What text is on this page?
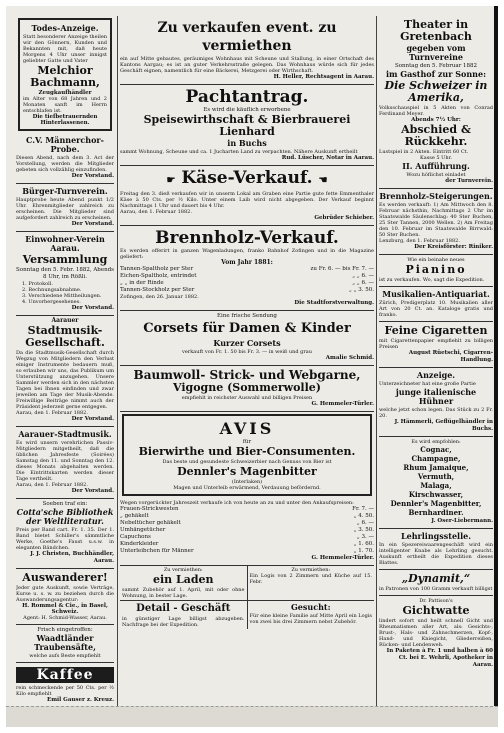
Todes-Anzeige.

Statt besonderer Anzeige theilen wir den Gönnern, Kunden und Bekannten mit, daß heute Morgens 4 Uhr unser innigst geliebter Gatte und Vater

Melchior Bachmann,
Zeugkaufhändler

im Alter von 68 Jahren und 2 Monaten sanft im Herrn entschlafen ist.

Die tiefbetrauernden Hinterlassenen.
C.V. Männerchor-Probe.

Diesen Abend, nach dem 3. Act der Vorstellung, werden die Mitglieder gebeten sich vollzählig einzufinden.

Der Vorstand.
Bürger-Turnverein.

Hauptprobe heute Abend punkt 1/2 Uhr. Ehrenmitglieder zahlreich zu erscheinen. Die Mitglieder sind aufgefordert zahlreich zu erscheinen.

Der Vorstand.
Einwohner-Verein Aarau.
Versammlung
Sonntag den 5. Febr. 1882, Abends 8 Uhr, im Rößli.
1. Protokoll.
2. Rechnungsabnahme.
3. Verschiedene Mittheilungen.
4. Unvorhergesehenes.
Der Vorstand.
Aarauer
Stadtmusik-Gesellschaft.

Da die Stadtmusik-Gesellschaft durch Wegzug von Mitgliedern den Verlust einiger Instrumente bedauern muß, so erlauben wir uns, das Publikum um Unterstützung anzugehen. Unsere Sammler werden sich in den nächsten Tagen bei Ihnen einfinden und zwar jeweilen am Tage der Musik-Abende. Freiwillige Beiträge nimmt auch der Präsident jederzeit gerne entgegen.

Aarau, den 1. Februar 1882.
Der Vorstand.
Aarauer-Stadtmusik.

Es wird unsern verehrlichen Passiv-Mitgliedern mitgetheilt, daß die üblichen Jahresfeste (Soirées) Samstag den 11. und Sonntag den 12. dieses Monats abgehalten werden. Die Eintrittskarten werden dieser Tage vertheilt.

Aarau, den 1. Februar 1882.
Der Vorstand.
Soeben traf ein:
Cotta'sche Bibliothek der Weltliteratur.

Preis per Band cart. Fr. 1. 35. Der 1. Band bietet Schiller's sämmtliche Werke, Goethe's Faust u.s.w. in eleganten Bändchen.

J. J. Christen, Buchhändler, Aarau.
Auswanderer!

Jeder gute Auskunft, sowie Verträge, Kurse u. s. w. zu beziehen durch die Auswanderungsagentur:

H. Rommel & Cie., in Basel, Schweiz.
Agent: H. Schmid-Wasser, Aarau.
Frisch eingetroffen:
Waadtländer Traubensäfte,
welche aufs Beste empfiehlt
Kaffee

rein schmeckende per 50 Cts. per ½ Kilo empfiehlt

Emil Gauser z. Kreuz.
Zu verkaufen event. zu vermiethen

ein auf Mitte gebautes, geräumiges Wohnhaus mit Scheune und Stallung, in einer Ortschaft des Kantons Aargau; es ist an guter Verkehrsstraße gelegen. Das Wohnhaus würde sich für jedes Geschäft eignen, namentlich für eine Bäckerei, Metzgerei oder Wirthschaft.

H. Heller, Rechtsagent in Aarau.
Pachtantrag.
Es wird die käuflich erworbene
Speisewirthschaft & Bierbrauerei Lienhard
in Buchs

sammt Wohnung, Scheune und ca. 1 Jucharten Land zu verpachten. Nähere Auskunft ertheilt

Rud. Lüscher, Notar in Aarau.
☛ Käse-Verkauf. ☚

Freitag den 3. dieß verkaufen wir in unserm Lokal am Graben eine Partie gute fette Emmenthaler Käse à 50 Cts. per ½ Kilo. Unter einem Laib wird nicht abgegeben. Der Verkauf beginnt Nachmittags 1 Uhr und dauert bis 4 Uhr.

Aarau, den 1. Februar 1882.
Gebrüder Schieber.
Brennholz-Verkauf.

Es werden offerirt in ganzen Wagenladungen, franko Bahnhof Zofingen und in die Magazine geliefert:

Vom Jahr 1881:
Tannen-Spaltholz per Ster	zu Fr. 6. — bis Fr. 7. —
Eichen-Spaltholz, entrindet	„ „ 6. —
„ „ in der Rinde	„ „ 6. —
Tannen-Stockholz per Ster	„ „ 3. 50.
Zofingen, den 26. Januar 1882.
Die Stadtforstverwaltung.
Eine frische Sendung
Corsets für Damen & Kinder
Kurzer Corsets
verkauft von Fr. 1. 50 bis Fr. 3. — in weiß und grau
Amalie Schmid.
Baumwoll- Strick- und Webgarne,
Vigogne (Sommerwolle)
empfiehlt in reichster Auswahl und billigen Preisen
G. Hemmeler-Türler.
AVIS
für
Bierwirthe und Bier-Consumenten.
Das beste und gesundeste Schweizerbier nach Genuss von Bier ist
Dennler's Magenbitter
(Interlaken)
Magen und Unterleib erwärmend, Verdauung befördernd.

Wegen vorgerückter Jahreszeit verkaufe ich von heute an zu und unter den Ankaufspreisen:

Frauen-Strickwesten	Fr. 7. —
„ gehäkelt	„ 4. 50.
Nebeltücher gehäkelt	„ 6. —
Umhängetücher	„ 3. 50.
Capuchons	„ 3. —
Kinderkleider	„ 1. 60.
Unterleibchen für Männer	„ 1. 70.
G. Hemmeler-Türler.
Zu vermiethen:
ein Laden

sammt Zubehör auf 1. April, mit oder ohne Wohnung, in bester Lage.

Zu vermiethen:

Ein Logis von 2 Zimmern und Küche auf 15. Febr.

Detail - Geschäft

in günstiger Lage billigst abzugeben. Nachfrage bei der Expedition.

Gesucht:

Für eine kleine Familie auf Mitte April ein Logis von zwei bis drei Zimmern nebst Zubehör.

Theater in Gretenbach
gegeben vom Turnvereine
Sonntag den 5. Februar 1882
im Gasthof zur Sonne:
Die Schweizer in Amerika,

Volksschauspiel in 5 Akten von Conrad Ferdinand Meyer.

Abends 7½ Uhr:
Abschied & Rückkehr.

Lustspiel in 2 Akten. Eintritt 60 Ct.

Kasse 5 Uhr.
II. Aufführung.
Wozu höflichst einladet
der Turnverein.
Brennholz-Steigerungen.

Es werden verkauft: 1) Am Mittwoch den 8. Februar nächsthin, Nachmittags 2 Uhr im Staatswalde Säulenschlag: 40 Ster Buchen, 25 Ster Tannen, 2000 Wellen. 2) Am Freitag den 10. Februar im Staatswalde Birrwald: 50 Ster Buchen.

Lenzburg, den 1. Februar 1882.
Der Kreisförster: Riniker.
Wie ein beinahe neues
Pianino

ist zu verkaufen. Wo, sagt die Expedition.

Musikalien-Antiquariat.

Zürich, Predigerplatz 10. Musikalien aller Art von 20 Ct. an. Kataloge gratis und franko.

Feine Cigaretten

mit Cigarettenpapier empfiehlt zu billigen Preisen

August Rüetschi, Cigarren-Handlung.
Anzeige.

Unterzeichneter hat eine große Partie

junge italienische Hühner

welche jetzt schon legen. Das Stück zu 2 Fr. 20.

J. Hämmerli, Geflügelhändler in Buchs.
Es wird empfohlen:
Cognac,
Champagne,
Rhum Jamaique,
Vermuth,
Malaga,
Kirschwasser,
Dennler's Magenbitter,
Bernhardiner.
J. Oser-Liebermann.
Lehrlingsstelle.

In ein Spezereiwaarengeschäft wird ein intelligenter Knabe als Lehrling gesucht. Auskunft ertheilt die Expedition dieses Blattes.

„Dynamit,“

in Patronen von 100 Gramm verkauft billigst

Dr. Pattison's
Gichtwatte

lindert sofort und heilt schnell Gicht und Rheumatismen aller Art, als: Gesichts-, Brust-, Hals- und Zahnschmerzen, Kopf-, Hand- und Kniegicht, Gliederreißen, Rücken- und Lendenweh.

In Paketen à Fr. 1 und halben à 60 Ct. bei E. Wehrli, Apotheker in Aarau.
